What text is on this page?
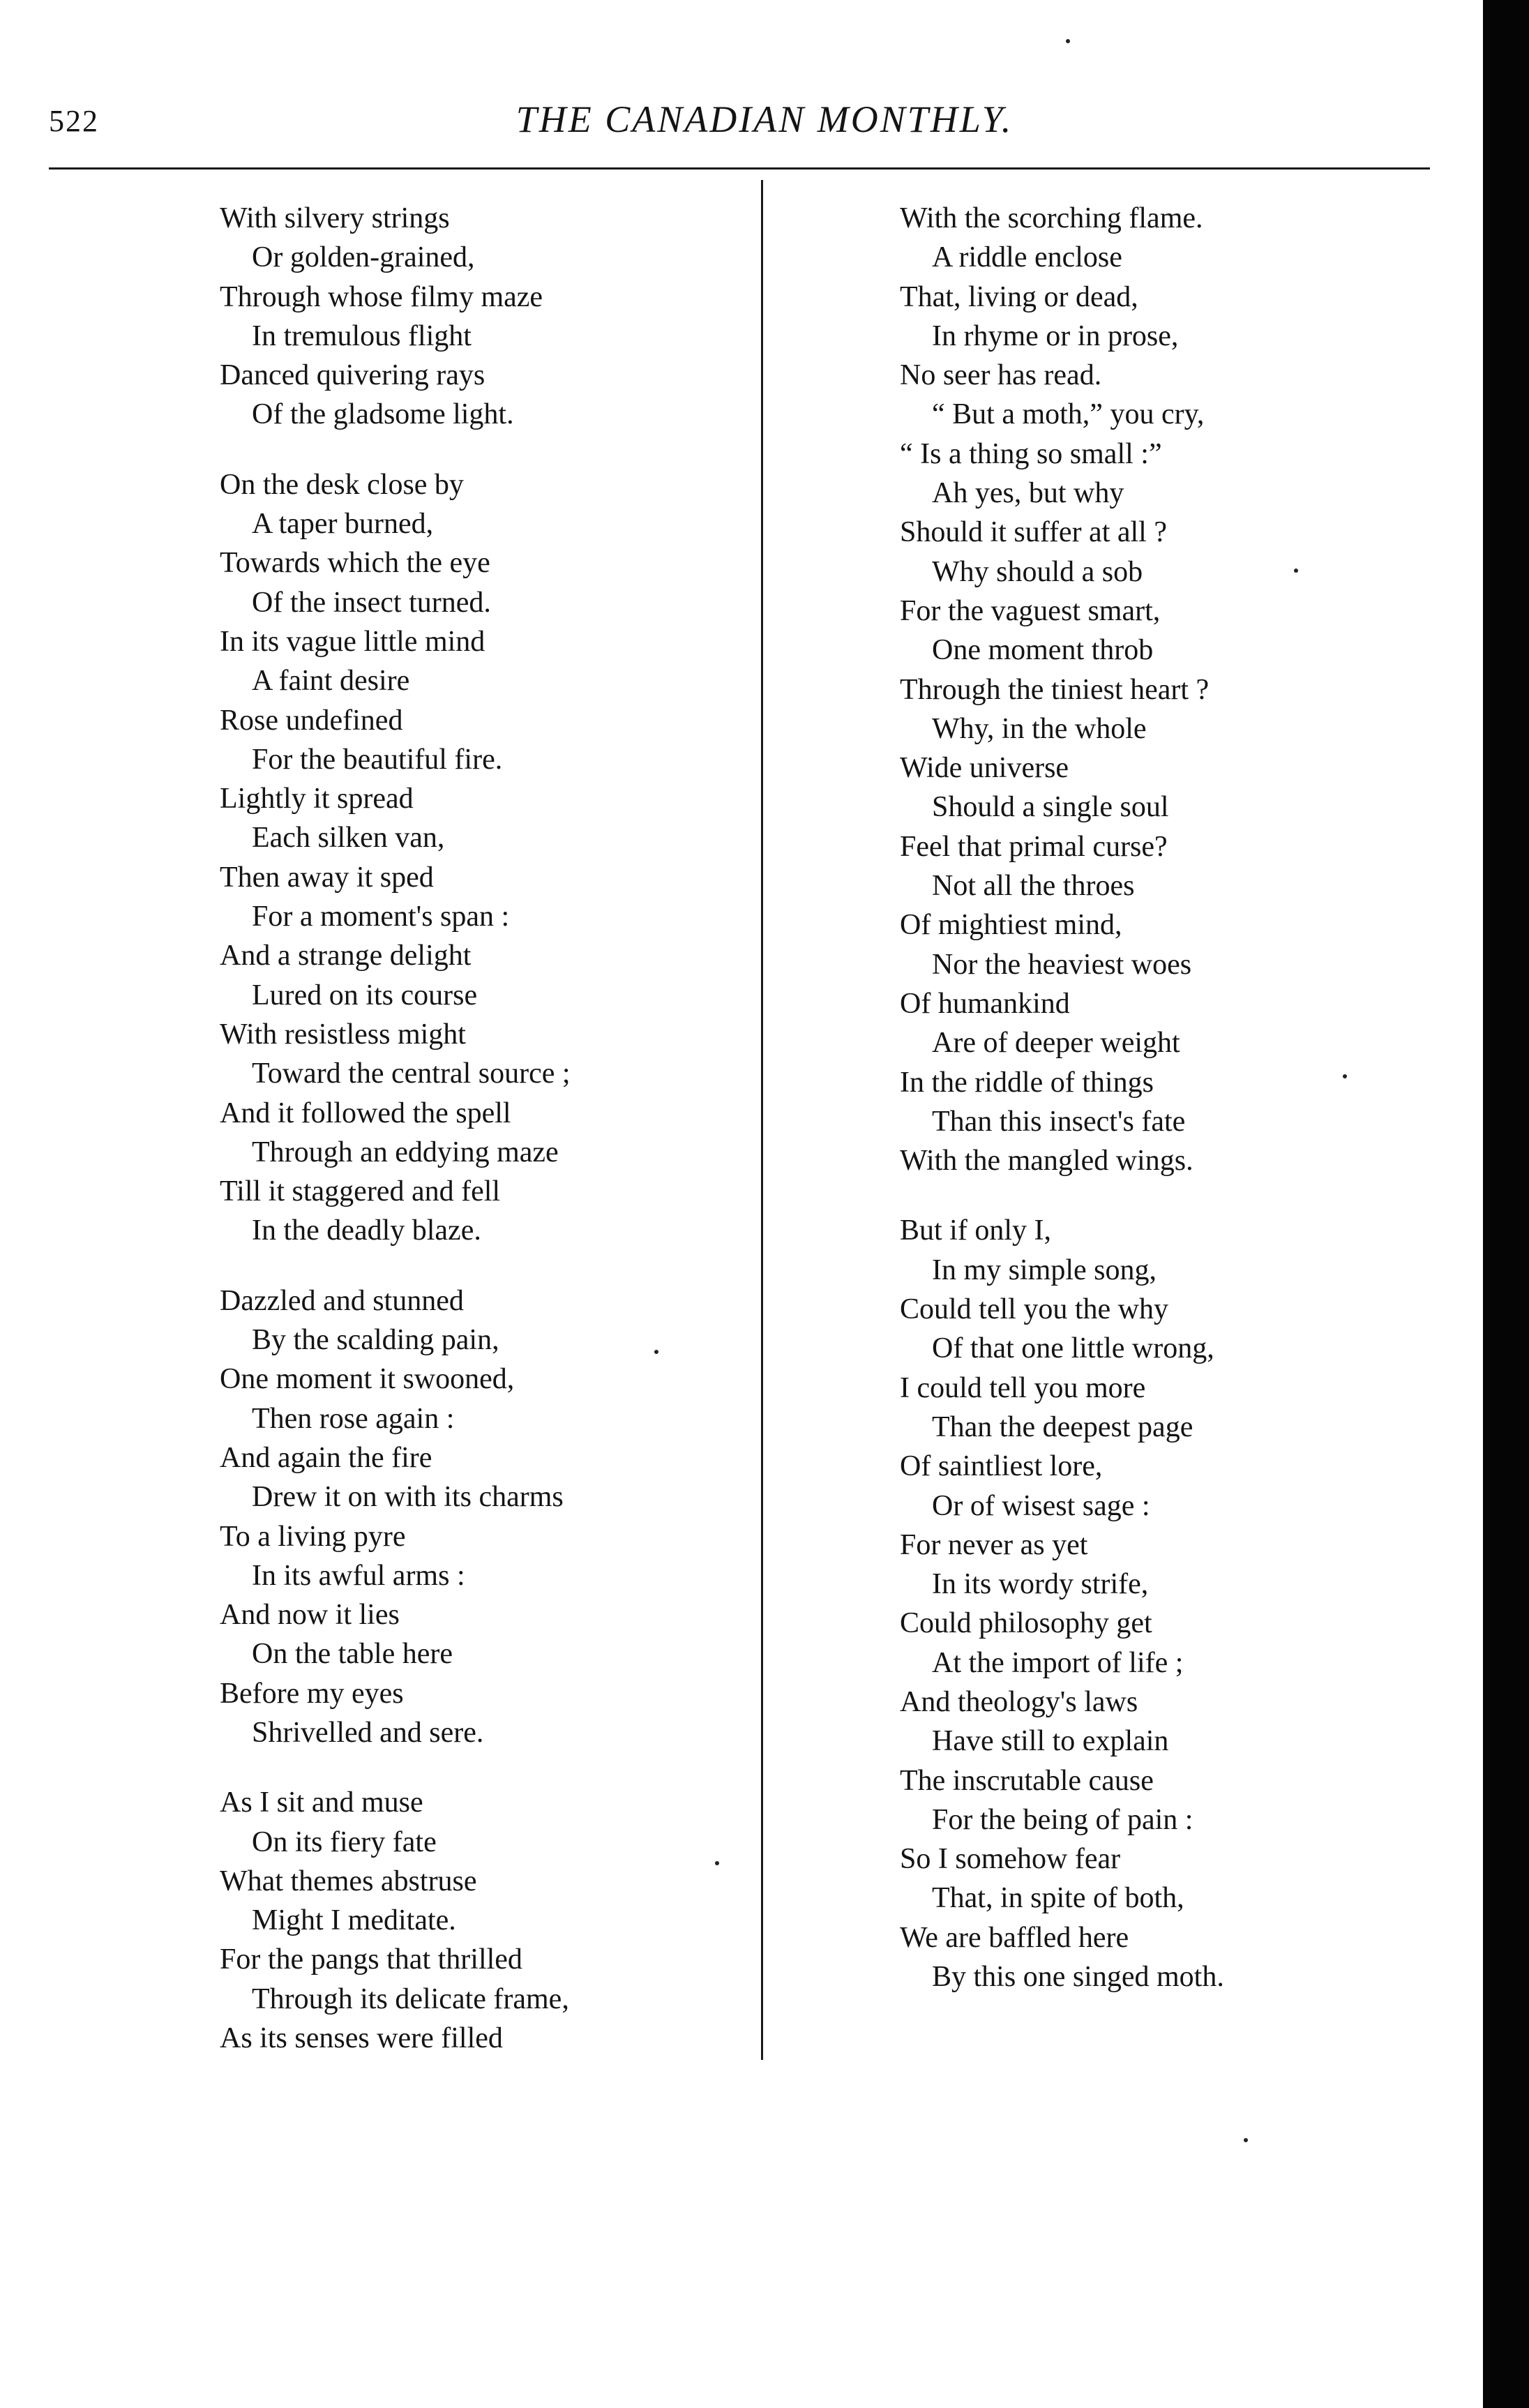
522	THE CANADIAN MONTHLY.
With silvery strings
Or golden-grained,
Through whose filmy maze
In tremulous flight
Danced quivering rays
Of the gladsome light.
On the desk close by
A taper burned,
Towards which the eye
Of the insect turned.
In its vague little mind
A faint desire
Rose undefined
For the beautiful fire.
Lightly it spread
Each silken van,
Then away it sped
For a moment's span :
And a strange delight
Lured on its course
With resistless might
Toward the central source ;
And it followed the spell
Through an eddying maze
Till it staggered and fell
In the deadly blaze.
Dazzled and stunned
By the scalding pain,
One moment it swooned,
Then rose again :
And again the fire
Drew it on with its charms
To a living pyre
In its awful arms :
And now it lies
On the table here
Before my eyes
Shrivelled and sere.
As I sit and muse
On its fiery fate
What themes abstruse
Might I meditate.
For the pangs that thrilled
Through its delicate frame,
As its senses were filled
With the scorching flame.
A riddle enclose
That, living or dead,
In rhyme or in prose,
No seer has read.
“ But a moth,” you cry,
“ Is a thing so small :”
Ah yes, but why
Should it suffer at all ?
Why should a sob
For the vaguest smart,
One moment throb
Through the tiniest heart ?
Why, in the whole
Wide universe
Should a single soul
Feel that primal curse?
Not all the throes
Of mightiest mind,
Nor the heaviest woes
Of humankind
Are of deeper weight
In the riddle of things
Than this insect's fate
With the mangled wings.
But if only I,
In my simple song,
Could tell you the why
Of that one little wrong,
I could tell you more
Than the deepest page
Of saintliest lore,
Or of wisest sage :
For never as yet
In its wordy strife,
Could philosophy get
At the import of life ;
And theology's laws
Have still to explain
The inscrutable cause
For the being of pain :
So I somehow fear
That, in spite of both,
We are baffled here
By this one singed moth.
